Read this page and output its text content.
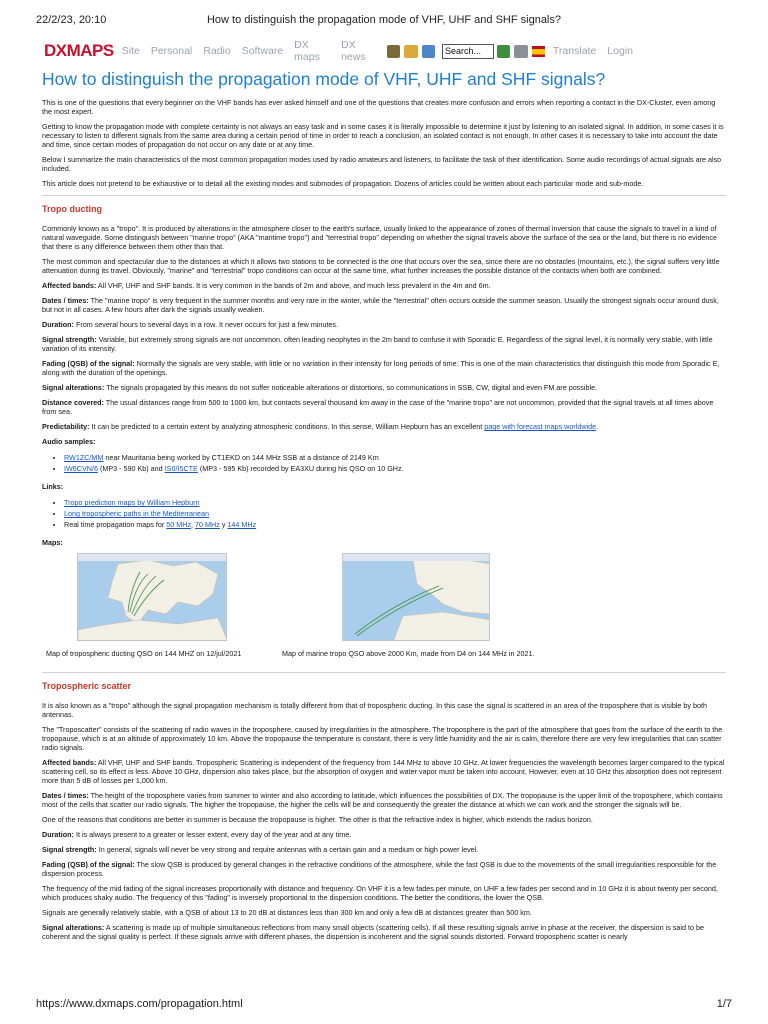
22/2/23, 20:10	How to distinguish the propagation mode of VHF, UHF and SHF signals?
DXMAPS Site Personal Radio Software DX maps
DX news
Search...	Translate Login
How to distinguish the propagation mode of VHF, UHF and SHF signals?

This is one of the questions that every beginner on the VHF bands has ever asked himself and one of the questions that creates more confusion and errors when reporting a contact in the DX-Cluster, even among the most expert.

Getting to know the propagation mode with complete certainty is not always an easy task and in some cases it is literally impossible to determine it just by listening to an isolated signal. In addition, in some cases it is necessary to listen to different signals from the same area during a certain period of time in order to reach a conclusion, an isolated contact is not enough. In other cases it is necessary to take into account the date and time, since certain modes of propagation do not occur on any date or at any time.

Below I summarize the main characteristics of the most common propagation modes used by radio amateurs and listeners, to facilitate the task of their identification. Some audio recordings of actual signals are also included.

This article does not pretend to be exhaustive or to detail all the existing modes and submodes of propagation. Dozens of articles could be written about each particular mode and sub-mode.

Tropo ducting

Commonly known as a "tropo". It is produced by alterations in the atmosphere closer to the earth's surface, usually linked to the appearance of zones of thermal inversion that cause the signals to travel in a kind of natural waveguide. Some distinguish between "marine tropo" (AKA "maritime tropo") and "terrestrial tropo" depending on whether the signal travels above the surface of the sea or the land, but there is no evidence that there is any difference between them other than that.

The most common and spectacular due to the distances at which it allows two stations to be connected is the one that occurs over the sea, since there are no obstacles (mountains, etc.), the signal suffers very little attenuation during its travel. Obviously, "marine" and "terrestrial" tropo conditions can occur at the same time, what further increases the possible distance of the contacts when both are combined.

Affected bands: All VHF, UHF and SHF bands. It is very common in the bands of 2m and above, and much less prevalent in the 4m and 6m.

Dates / times: The "marine tropo" is very frequent in the summer months and very rare in the winter, while the "terrestrial" often occurs outside the summer season. Usually the strongest signals occur around dusk, but not in all cases. A few hours after dark the signals usually weaken.

Duration: From several hours to several days in a row. It never occurs for just a few minutes.

Signal strength: Variable, but extremely strong signals are not uncommon, often leading neophytes in the 2m band to confuse it with Sporadic E. Regardless of the signal level, it is normally very stable, with little variation of its intensity.

Fading (QSB) of the signal: Normally the signals are very stable, with little or no variation in their intensity for long periods of time. This is one of the main characteristics that distinguish this mode from Sporadic E, along with the duration of the openings.

Signal alterations: The signals propagated by this means do not suffer noticeable alterations or distortions, so communications in SSB, CW, digital and even FM are possible.

Distance covered: The usual distances range from 500 to 1000 km, but contacts several thousand km away in the case of the "marine tropo" are not uncommon, provided that the signal travels at all times above from sea.

Predictability: It can be predicted to a certain extent by analyzing atmospheric conditions. In this sense, William Hepburn has an excellent page with forecast maps worldwide.

Audio samples:

• RW1ZC/MM near Mauritania being worked by CT1EKD on 144 MHz SSB at a distance of 2149 Km
• IW6CVN/6 (MP3 - 590 Kb) and IS0/I5CTE (MP3 - 595 Kb) recorded by EA3XU during his QSO on 10 GHz.

Links:

• Tropo prediction maps by William Hepburn
• Long tropospheric paths in the Mediterranean
• Real time propagation maps for 50 MHz, 70 MHz y 144 MHz

Maps:

Map of tropospheric ducting QSO on 144 MHZ on 12/jul/2021	Map of marine tropo QSO above 2000 Km, made from D4 on 144 MHz in 2021.
Tropospheric scatter

It is also known as a "tropo" although the signal propagation mechanism is totally different from that of tropospheric ducting. In this case the signal is scattered in an area of the troposphere that is visible by both antennas.

The "Troposcatter" consists of the scattering of radio waves in the troposphere, caused by irregularities in the atmosphere. The troposphere is the part of the atmosphere that goes from the surface of the earth to the tropopause, which is at an altitude of approximately 10 km. Above the tropopause the temperature is constant, there is very little humidity and the air is calm, therefore there are very few irregularities that can scatter radio signals.

Affected bands: All VHF, UHF and SHF bands. Tropospheric Scattering is independent of the frequency from 144 MHz to above 10 GHz. At lower frequencies the wavelength becomes larger compared to the typical scattering cell, so its effect is less. Above 10 GHz, dispersion also takes place, but the absorption of oxygen and water vapor must be taken into account. However, even at 10 GHz this absorption does not represent more than 5 dB of losses per 1,000 km.

Dates / times: The height of the troposphere varies from summer to winter and also according to latitude, which influences the possibilities of DX. The tropopause is the upper limit of the troposphere, which contains most of the cells that scatter our radio signals. The higher the tropopause, the higher the cells will be and consequently the greater the distance at which we can work and the stronger the signals will be.

One of the reasons that conditions are better in summer is because the tropopause is higher. The other is that the refractive index is higher, which extends the radius horizon.

Duration: It is always present to a greater or lesser extent, every day of the year and at any time.

Signal strength: In general, signals will never be very strong and require antennas with a certain gain and a medium or high power level.

Fading (QSB) of the signal: The slow QSB is produced by general changes in the refractive conditions of the atmosphere, while the fast QSB is due to the movements of the small irregularities responsible for the dispersion process.

The frequency of the mid fading of the signal increases proportionally with distance and frequency. On VHF it is a few fades per minute, on UHF a few fades per second and in 10 GHz it is about twenty per second, which produces shaky audio. The frequency of this "fading" is inversely proportional to the dispersion conditions. The better the conditions, the lower the QSB.

Signals are generally relatively stable, with a QSB of about 13 to 20 dB at distances less than 300 km and only a few dB at distances greater than 500 km.

Signal alterations: A scattering is made up of multiple simultaneous reflections from many small objects (scattering cells). If all these resulting signals arrive in phase at the receiver, the dispersion is said to be coherent and the signal quality is perfect. If these signals arrive with different phases, the dispersion is incoherent and the signal sounds distorted. Forward tropospheric scatter is nearly

https://www.dxmaps.com/propagation.html	1/7
